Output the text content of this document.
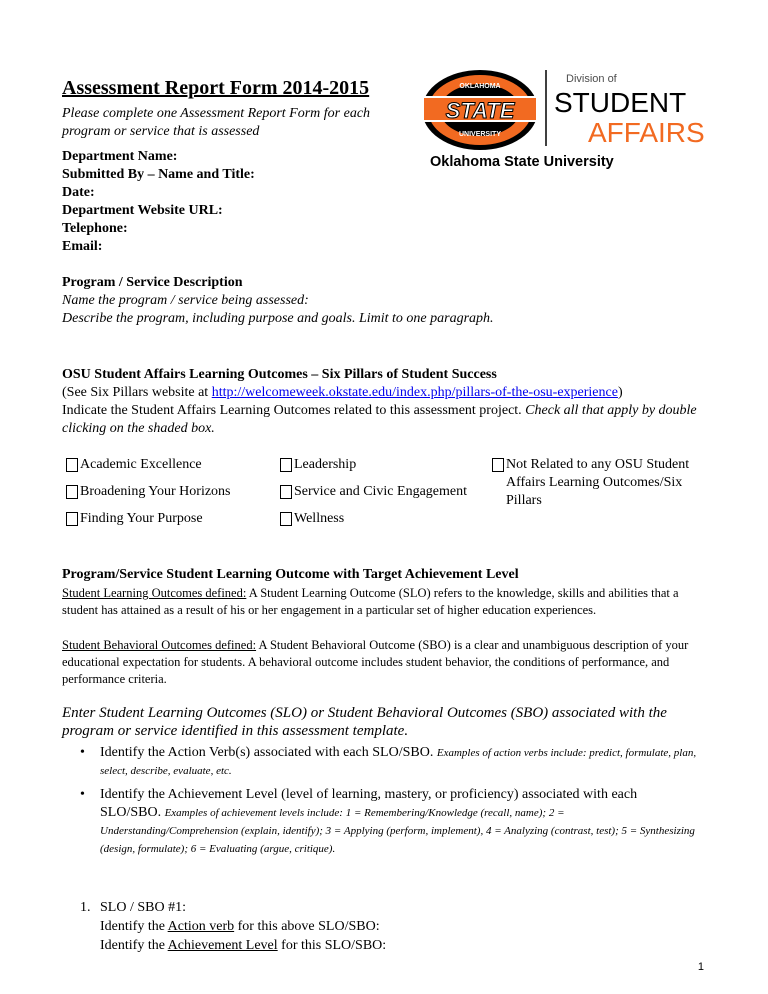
Assessment Report Form 2014-2015

Please complete one Assessment Report Form for each program or service that is assessed

Department Name:
Submitted By – Name and Title:
Date:
Department Website URL:
Telephone:
Email:
OKLAHOMA
STATE
UNIVERSITY
Division of
STUDENT
AFFAIRS
Oklahoma State University

Program / Service Description

Name the program / service being assessed:

Describe the program, including purpose and goals. Limit to one paragraph.

OSU Student Affairs Learning Outcomes – Six Pillars of Student Success

(See Six Pillars website at http://welcomeweek.okstate.edu/index.php/pillars-of-the-osu-experience)

Indicate the Student Affairs Learning Outcomes related to this assessment project. Check all that apply by double clicking on the shaded box.

Academic Excellence
Broadening Your Horizons
Finding Your Purpose
Leadership
Service and Civic Engagement
Wellness
Not Related to any OSU Student Affairs Learning Outcomes/Six Pillars

Program/Service Student Learning Outcome with Target Achievement Level

Student Learning Outcomes defined: A Student Learning Outcome (SLO) refers to the knowledge, skills and abilities that a student has attained as a result of his or her engagement in a particular set of higher education experiences.

Student Behavioral Outcomes defined: A Student Behavioral Outcome (SBO) is a clear and unambiguous description of your educational expectation for students. A behavioral outcome includes student behavior, the conditions of performance, and performance criteria.

Enter Student Learning Outcomes (SLO) or Student Behavioral Outcomes (SBO) associated with the program or service identified in this assessment template.

• Identify the Action Verb(s) associated with each SLO/SBO. Examples of action verbs include: predict, formulate, plan, select, describe, evaluate, etc.
• Identify the Achievement Level (level of learning, mastery, or proficiency) associated with each SLO/SBO. Examples of achievement levels include: 1 = Remembering/Knowledge (recall, name); 2 = Understanding/Comprehension (explain, identify); 3 = Applying (perform, implement), 4 = Analyzing (contrast, test); 5 = Synthesizing (design, formulate); 6 = Evaluating (argue, critique).
1. SLO / SBO #1:
Identify the Action verb for this above SLO/SBO:
Identify the Achievement Level for this SLO/SBO:
1
